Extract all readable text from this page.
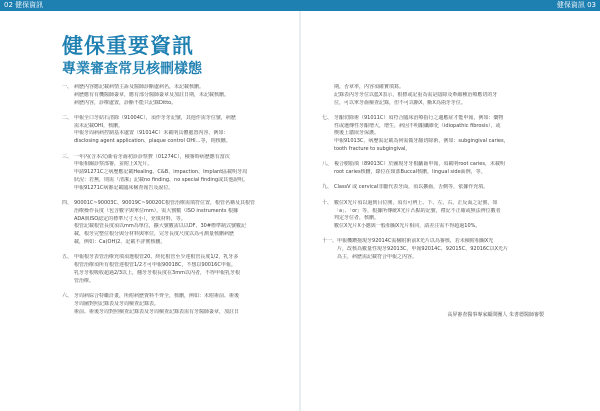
02 健保資訊	健保資訊 03
健保重要資訊
專業審查常見核刪樣態
一、 病歷內容應記載病情主訴及醫師診斷處病名，未記載核刪。
病歷應有有機醫師簽章，應有部分醫師簽章及加註日期，未記載核刪。
病歷內容，診療處置，診斷不能只記錄Ditto。
二、 申報全口牙結石清除（91004C），須作牙牙記號，其他作需牙位號，病歷
需未記載OHI，核刪。
申報牙周病病控制基本處置（91014C）未載明具體處置內容，例如：
disclosing agent application、plaque control OHI…等，則核刪。
三、 一年內(含本次)新看牙齒初診診察費（01274C），檢審時病歷應有當次
申報相關診察部審，並附上X光片。
申請91271C之病歷應記載Healing、C&B、impaction、Implant區載明牙周
狀況：若無，則需『清潔』記載no finding、no special finding或其他說明。
申報91271C病審記載臨床檢查報告及說位。
四、 90001C~90003C、90019C~90020C根管治療需填符位置，根管名稱及其根管
治療操作長度（包含數字與單位mm），需大號數（ISO instruments 根據
ADA與ISO認定的標準尺寸大小），充填材料，等。
根管記載根管長度須以mm為單位，擴大號數需以以DF、30#標準制式號數記
載，根牙完整位根分與分材料與單位，完牙長度尺度以為可測量核刪病歷
載，例如：Ca(OH)2、記載不詳實核刪。
五、 申報根牙表管治療充填須選根管20、終化根管至少達根管長度1/2，乳牙多
根管治療須所有根管達根管1/2才可申報90018C，不想以90016C申報。
乳牙牙根吸收超過2/3以上，翹牙牙根長度在3mm以內者，不得申報乳牙根
管治療。
六、 牙周病綜合特繼計畫，所附病歷資料不齊全，核刪，例如：未附術前、術後
牙周圖對照記錄表及牙周檢查記錄表。
術前、術後牙周對照檢查記錄表及牙周檢查記錄表需有牙醫師簽章，加註日
期，否章率，內容須確實填寫。
記錄表內牙牙位以藍X表示，根標或記重為需是隱除及牽縮種治療應切的牙
位，可以單牙齒檢查記錄，但不可以斷X，斷X為兩牙牙位。
七、 牙齦切除術（91011C）須符合臨床治療指行之適應症才能申報，例如：藥物
性或遺傳性牙齦增大，增生，病因不明齦纖維化（idiopathic fibrosis），或
楔後上牆嵌牙保護。
申報91013C，病歷需記載為何需做牙齦切除術，例如：subgingival caries，
tooth fracture to subgingival。
八、 複合樹脂填（89013C）於圖現牙牙根齲齒申報，須載明root caries，未載明
root caries核刪，錄位在頸部Buccal核刪，lingual side面例，等。
九、 ClassV 或 cervical非屬代表牙面，須以擴齒，舌側等，依據作充填。
十、 數位X光片須以過到目位開，須有可辨上、下、左、右、正反面之記號，如
「a」、「or」等，根據所傳統X光片凸點的記號，禮記不正確或無法辨位數者
判定牙位者，核刪。
數位X光片X小應與一般相關X光片相同，請差注需不得超過10%。
十一、 申報機鑽拖現牙92014C需檢附術前X光片以為審核，若未檢附相關X光
片，改核為數量性現牙92013C，申報92014C、92015C、92016C以X光片
為主，病歷需記載符合申報之內容。
高屏審查醫事專家顧問團人 朱書德醫師審製
